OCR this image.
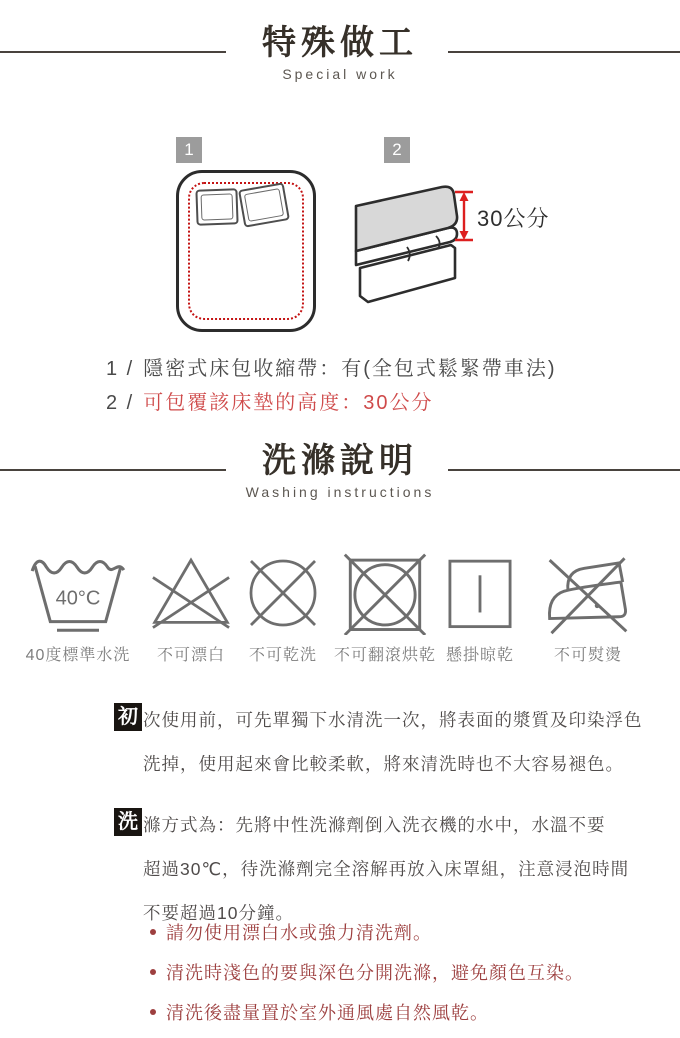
特殊做工
Special work
1	2
30公分
1 / 隱密式床包收縮帶：有(全包式鬆緊帶車法)
2 / 可包覆該床墊的高度：30公分
洗滌說明
Washing instructions
40°C
40度標準水洗	不可漂白	不可乾洗	不可翻滾烘乾 懸掛晾乾	不可熨燙
初 次使用前，可先單獨下水清洗一次，將表面的漿質及印染浮色
洗掉，使用起來會比較柔軟，將來清洗時也不大容易褪色。
洗 滌方式為：先將中性洗滌劑倒入洗衣機的水中，水溫不要
超過30℃，待洗滌劑完全溶解再放入床罩組，注意浸泡時間
不要超過10分鐘。
請勿使用漂白水或強力清洗劑。
清洗時淺色的要與深色分開洗滌，避免顏色互染。
清洗後盡量置於室外通風處自然風乾。
